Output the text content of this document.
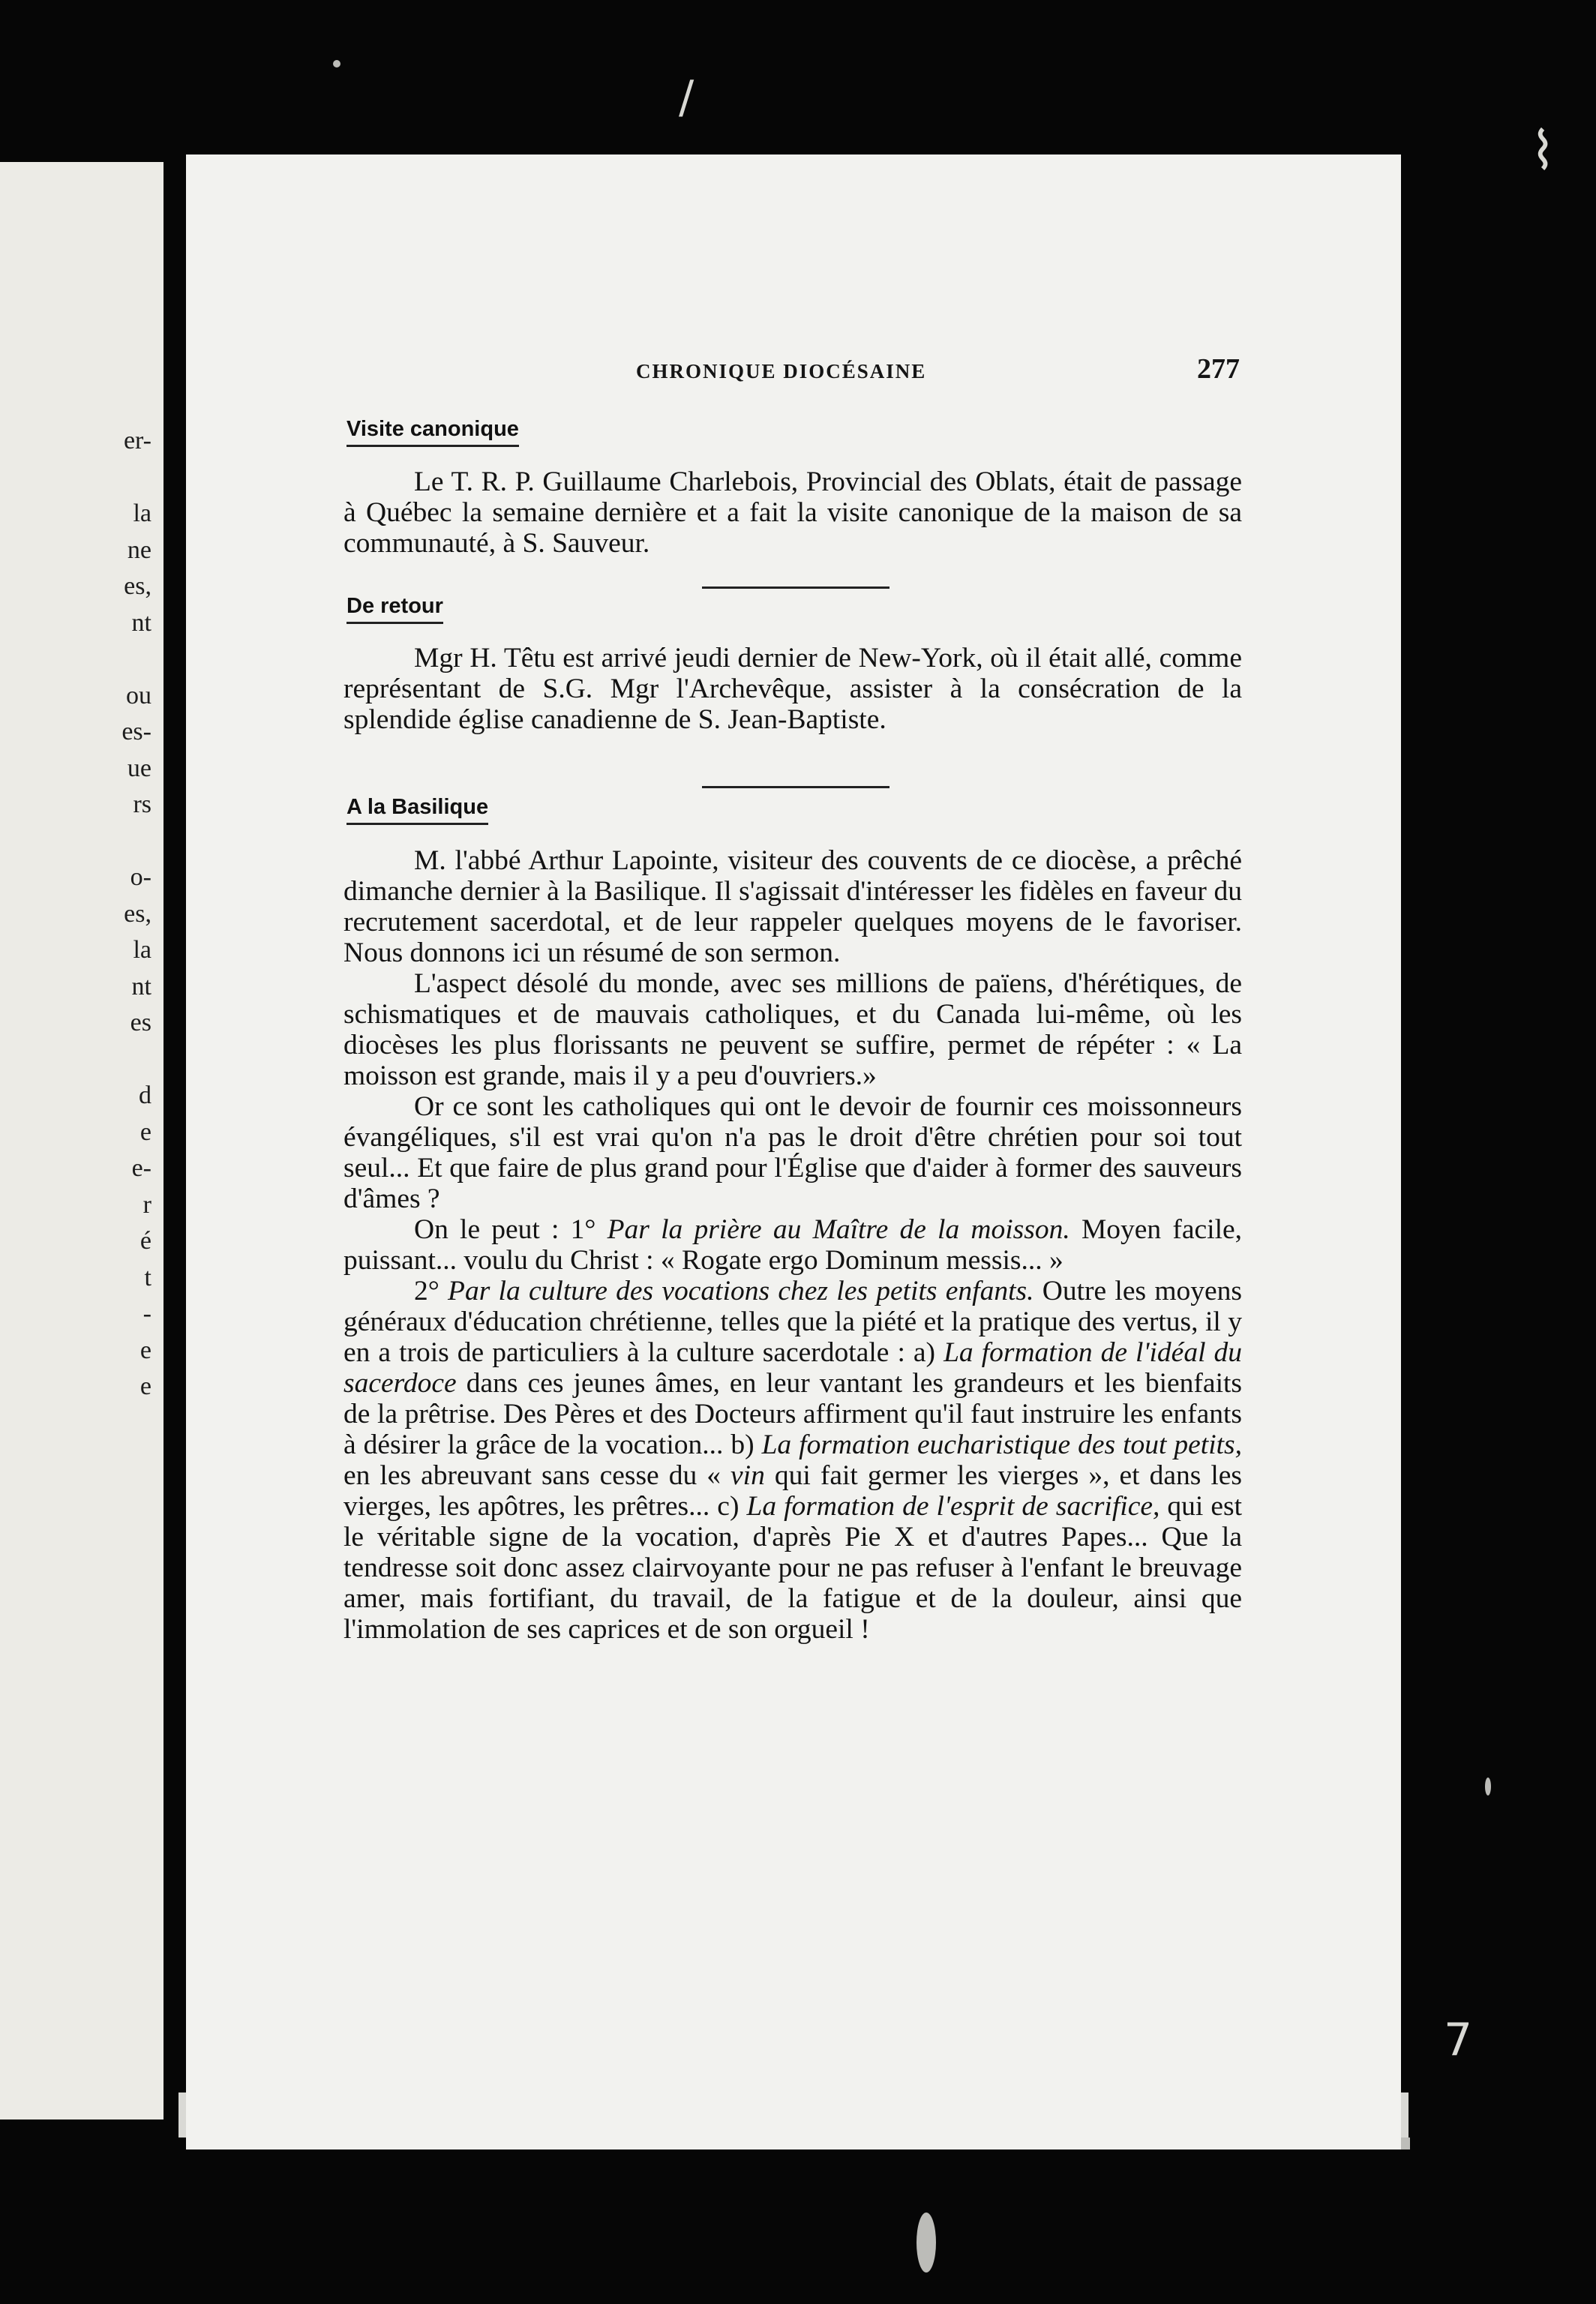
er-
la
ne
es,
nt
ou
es-
ue
rs
o-
es,
la
nt
es
d
e
e-
r
é
t
-
e
e
/
⌇
7
CHRONIQUE DIOCÉSAINE	277
Visite canonique

Le T. R. P. Guillaume Charlebois, Provincial des Oblats, était de passage à Québec la semaine dernière et a fait la visite canonique de la maison de sa communauté, à S. Sauveur.

De retour

Mgr H. Têtu est arrivé jeudi dernier de New-York, où il était allé, comme représentant de S.G. Mgr l'Archevêque, assister à la consécration de la splendide église canadienne de S. Jean-Baptiste.

A la Basilique

M. l'abbé Arthur Lapointe, visiteur des couvents de ce diocèse, a prêché dimanche dernier à la Basilique. Il s'agissait d'intéresser les fidèles en faveur du recrutement sacerdotal, et de leur rappeler quelques moyens de le favoriser. Nous donnons ici un résumé de son sermon.

L'aspect désolé du monde, avec ses millions de païens, d'hérétiques, de schismatiques et de mauvais catholiques, et du Canada lui-même, où les diocèses les plus florissants ne peuvent se suffire, permet de répéter : « La moisson est grande, mais il y a peu d'ouvriers.»

Or ce sont les catholiques qui ont le devoir de fournir ces moissonneurs évangéliques, s'il est vrai qu'on n'a pas le droit d'être chrétien pour soi tout seul... Et que faire de plus grand pour l'Église que d'aider à former des sauveurs d'âmes ?

On le peut : 1° Par la prière au Maître de la moisson. Moyen facile, puissant... voulu du Christ : « Rogate ergo Dominum messis... »

2° Par la culture des vocations chez les petits enfants. Outre les moyens généraux d'éducation chrétienne, telles que la piété et la pratique des vertus, il y en a trois de particuliers à la culture sacerdotale : a) La formation de l'idéal du sacerdoce dans ces jeunes âmes, en leur vantant les grandeurs et les bienfaits de la prêtrise. Des Pères et des Docteurs affirment qu'il faut instruire les enfants à désirer la grâce de la vocation... b) La formation eucharistique des tout petits, en les abreuvant sans cesse du « vin qui fait germer les vierges », et dans les vierges, les apôtres, les prêtres... c) La formation de l'esprit de sacrifice, qui est le véritable signe de la vocation, d'après Pie X et d'autres Papes... Que la tendresse soit donc assez clairvoyante pour ne pas refuser à l'enfant le breuvage amer, mais fortifiant, du travail, de la fatigue et de la douleur, ainsi que l'immolation de ses caprices et de son orgueil !
